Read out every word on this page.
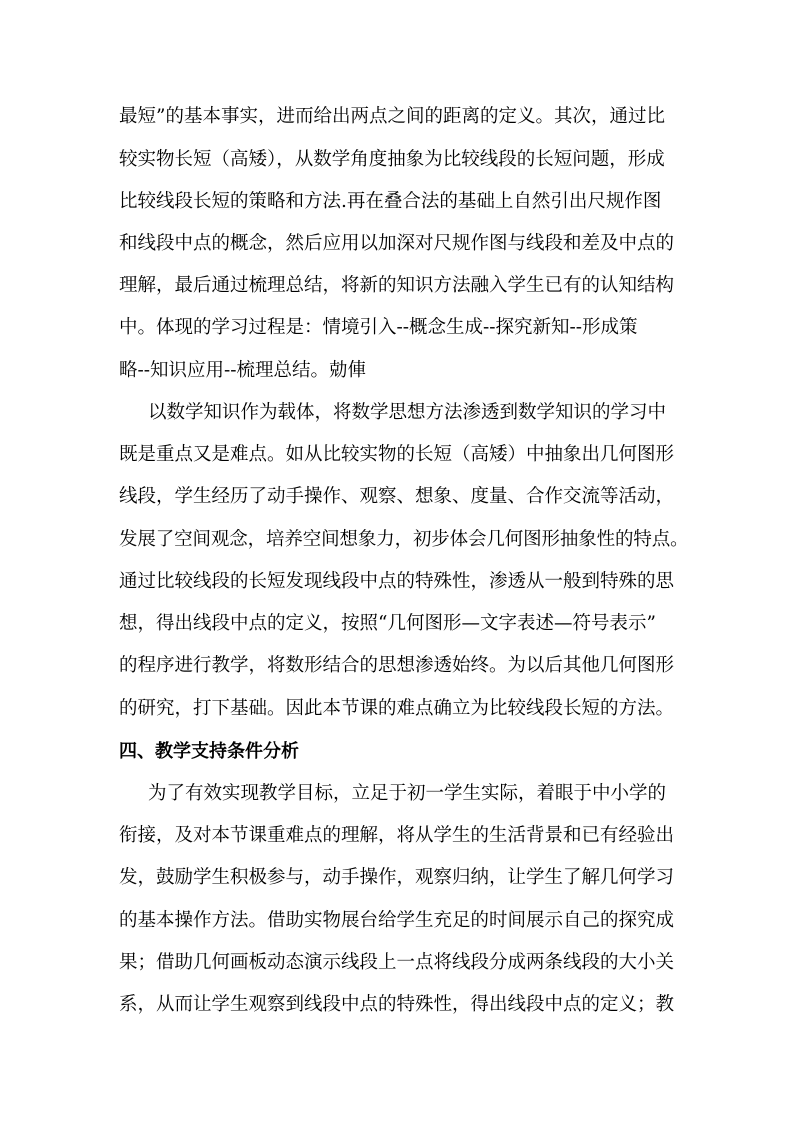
最短”的基本事实，进而给出两点之间的距离的定义。其次，通过比
较实物长短（高矮），从数学角度抽象为比较线段的长短问题，形成
比较线段长短的策略和方法.再在叠合法的基础上自然引出尺规作图
和线段中点的概念，然后应用以加深对尺规作图与线段和差及中点的
理解，最后通过梳理总结，将新的知识方法融入学生已有的认知结构
中。体现的学习过程是：情境引入--概念生成--探究新知--形成策
略--知识应用--梳理总结。勀俥
以数学知识作为载体，将数学思想方法渗透到数学知识的学习中
既是重点又是难点。如从比较实物的长短（高矮）中抽象出几何图形
线段，学生经历了动手操作、观察、想象、度量、合作交流等活动，
发展了空间观念，培养空间想象力，初步体会几何图形抽象性的特点。
通过比较线段的长短发现线段中点的特殊性，渗透从一般到特殊的思
想，得出线段中点的定义，按照“几何图形—文字表述—符号表示”
的程序进行教学，将数形结合的思想渗透始终。为以后其他几何图形
的研究，打下基础。因此本节课的难点确立为比较线段长短的方法。
四、教学支持条件分析
为了有效实现教学目标，立足于初一学生实际，着眼于中小学的
衔接，及对本节课重难点的理解，将从学生的生活背景和已有经验出
发，鼓励学生积极参与，动手操作，观察归纳，让学生了解几何学习
的基本操作方法。借助实物展台给学生充足的时间展示自己的探究成
果；借助几何画板动态演示线段上一点将线段分成两条线段的大小关
系，从而让学生观察到线段中点的特殊性，得出线段中点的定义；教
